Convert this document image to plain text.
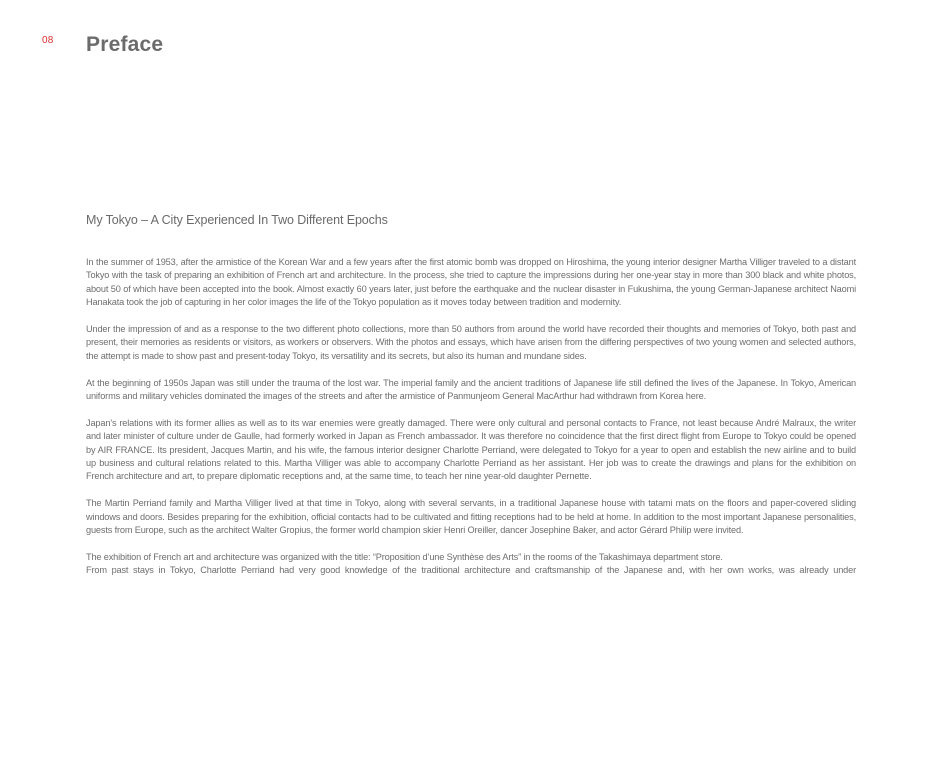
08 Preface
My Tokyo – A City Experienced In Two Different Epochs

In the summer of 1953, after the armistice of the Korean War and a few years after the first atomic bomb was dropped on Hiroshima, the young interior designer Martha Villiger traveled to a distant Tokyo with the task of preparing an exhibition of French art and architecture. In the process, she tried to capture the impressions during her one-year stay in more than 300 black and white photos, about 50 of which have been accepted into the book. Almost exactly 60 years later, just before the earthquake and the nuclear disaster in Fukushima, the young German-Japanese architect Naomi Hanakata took the job of capturing in her color images the life of the Tokyo population as it moves today between tradition and modernity.

Under the impression of and as a response to the two different photo collections, more than 50 authors from around the world have recorded their thoughts and memories of Tokyo, both past and present, their memories as residents or visitors, as workers or observers. With the photos and essays, which have arisen from the differing perspectives of two young women and selected authors, the attempt is made to show past and present-today Tokyo, its versatility and its secrets, but also its human and mundane sides.

At the beginning of 1950s Japan was still under the trauma of the lost war. The imperial family and the ancient traditions of Japanese life still defined the lives of the Japanese. In Tokyo, American uniforms and military vehicles dominated the images of the streets and after the armistice of Panmunjeom General MacArthur had withdrawn from Korea here.

Japan’s relations with its former allies as well as to its war enemies were greatly damaged. There were only cultural and personal contacts to France, not least because André Malraux, the writer and later minister of culture under de Gaulle, had formerly worked in Japan as French ambassador. It was therefore no coincidence that the first direct flight from Europe to Tokyo could be opened by AIR FRANCE. Its president, Jacques Martin, and his wife, the famous interior designer Charlotte Perriand, were delegated to Tokyo for a year to open and establish the new airline and to build up business and cultural relations related to this. Martha Villiger was able to accompany Charlotte Perriand as her assistant. Her job was to create the drawings and plans for the exhibition on French architecture and art, to prepare diplomatic receptions and, at the same time, to teach her nine year-old daughter Pernette.

The Martin Perriand family and Martha Villiger lived at that time in Tokyo, along with several servants, in a traditional Japanese house with tatami mats on the floors and paper-covered sliding windows and doors. Besides preparing for the exhibition, official contacts had to be cultivated and fitting receptions had to be held at home. In addition to the most important Japanese personalities, guests from Europe, such as the architect Walter Gropius, the former world champion skier Henri Oreiller, dancer Josephine Baker, and actor Gérard Philip were invited.

The exhibition of French art and architecture was organized with the title: “Proposition d’une Synthèse des Arts” in the rooms of the Takashimaya department store.

From past stays in Tokyo, Charlotte Perriand had very good knowledge of the traditional architecture and craftsmanship of the Japanese and, with her own works, was already under
